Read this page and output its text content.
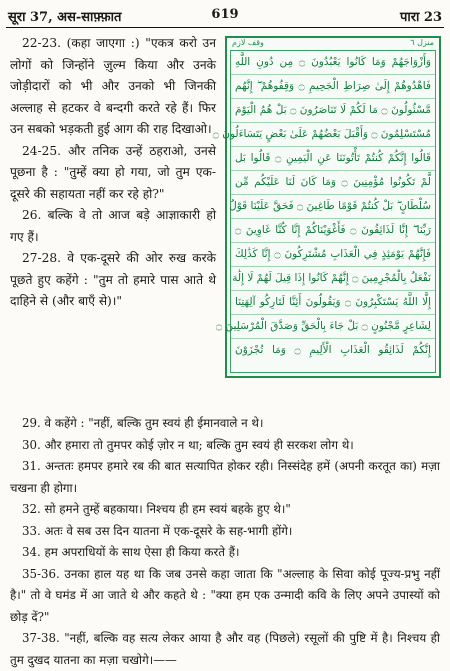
सूरा 37, अस-साफ़्फ़ात	619	पारा 23

22-23. (कहा जाएगा :) "एकत्र करो उन लोगों को जिन्होंने ज़ुल्म किया और उनके जोड़ीदारों को भी और उनको भी जिनकी अल्लाह से हटकर वे बन्दगी करते रहे हैं। फिर उन सबको भड़कती हुई आग की राह दिखाओ।

24-25. और तनिक उन्हें ठहराओ, उनसे पूछना है : "तुम्हें क्या हो गया, जो तुम एक-दूसरे की सहायता नहीं कर रहे हो?"

26. बल्कि वे तो आज बड़े आज्ञाकारी हो गए हैं।

27-28. वे एक-दूसरे की ओर रुख करके पूछते हुए कहेंगे : "तुम तो हमारे पास आते थे दाहिने से (और बाएँ से)।"

وقف لازم	منزل ٦
وَأَزْوَاجَهُمْ وَمَا كَانُوا يَعْبُدُونَ ۝ مِن دُونِ اللَّهِ
فَاهْدُوهُمْ إِلَىٰ صِرَاطِ الْجَحِيمِ ۝ وَقِفُوهُمْ ۖ إِنَّهُم
مَّسْئُولُونَ ۝ مَا لَكُمْ لَا تَنَاصَرُونَ ۝ بَلْ هُمُ الْيَوْمَ
مُسْتَسْلِمُونَ ۝ وَأَقْبَلَ بَعْضُهُمْ عَلَىٰ بَعْضٍ يَتَسَاءَلُونَ ۝
قَالُوا إِنَّكُمْ كُنتُمْ تَأْتُونَنَا عَنِ الْيَمِينِ ۝ قَالُوا بَل
لَّمْ تَكُونُوا مُؤْمِنِينَ ۝ وَمَا كَانَ لَنَا عَلَيْكُم مِّن
سُلْطَانٍ ۖ بَلْ كُنتُمْ قَوْمًا طَاغِينَ ۝ فَحَقَّ عَلَيْنَا قَوْلُ
رَبِّنَا ۖ إِنَّا لَذَائِقُونَ ۝ فَأَغْوَيْنَاكُمْ إِنَّا كُنَّا غَاوِينَ ۝
فَإِنَّهُمْ يَوْمَئِذٍ فِي الْعَذَابِ مُشْتَرِكُونَ ۝ إِنَّا كَذَٰلِكَ
نَفْعَلُ بِالْمُجْرِمِينَ ۝ إِنَّهُمْ كَانُوا إِذَا قِيلَ لَهُمْ لَا إِلَٰهَ
إِلَّا اللَّهُ يَسْتَكْبِرُونَ ۝ وَيَقُولُونَ أَئِنَّا لَتَارِكُو آلِهَتِنَا
لِشَاعِرٍ مَّجْنُونٍ ۝ بَلْ جَاءَ بِالْحَقِّ وَصَدَّقَ الْمُرْسَلِينَ ۝
إِنَّكُمْ لَذَائِقُو الْعَذَابِ الْأَلِيمِ ۝ وَمَا تُجْزَوْنَ

29. वे कहेंगे : "नहीं, बल्कि तुम स्वयं ही ईमानवाले न थे।

30. और हमारा तो तुमपर कोई ज़ोर न था; बल्कि तुम स्वयं ही सरकश लोग थे।

31. अन्ततः हमपर हमारे रब की बात सत्यापित होकर रही। निस्संदेह हमें (अपनी करतूत का) मज़ा चखना ही होगा।

32. सो हमने तुम्हें बहकाया। निश्चय ही हम स्वयं बहके हुए थे।"

33. अतः वे सब उस दिन यातना में एक-दूसरे के सह-भागी होंगे।

34. हम अपराधियों के साथ ऐसा ही किया करते हैं।

35-36. उनका हाल यह था कि जब उनसे कहा जाता कि "अल्लाह के सिवा कोई पूज्य-प्रभु नहीं है।" तो वे घमंड में आ जाते थे और कहते थे : "क्या हम एक उन्मादी कवि के लिए अपने उपास्यों को छोड़ दें?"

37-38. "नहीं, बल्कि वह सत्य लेकर आया है और वह (पिछले) रसूलों की पुष्टि में है। निश्चय ही तुम दुखद यातना का मज़ा चखोगे।——
